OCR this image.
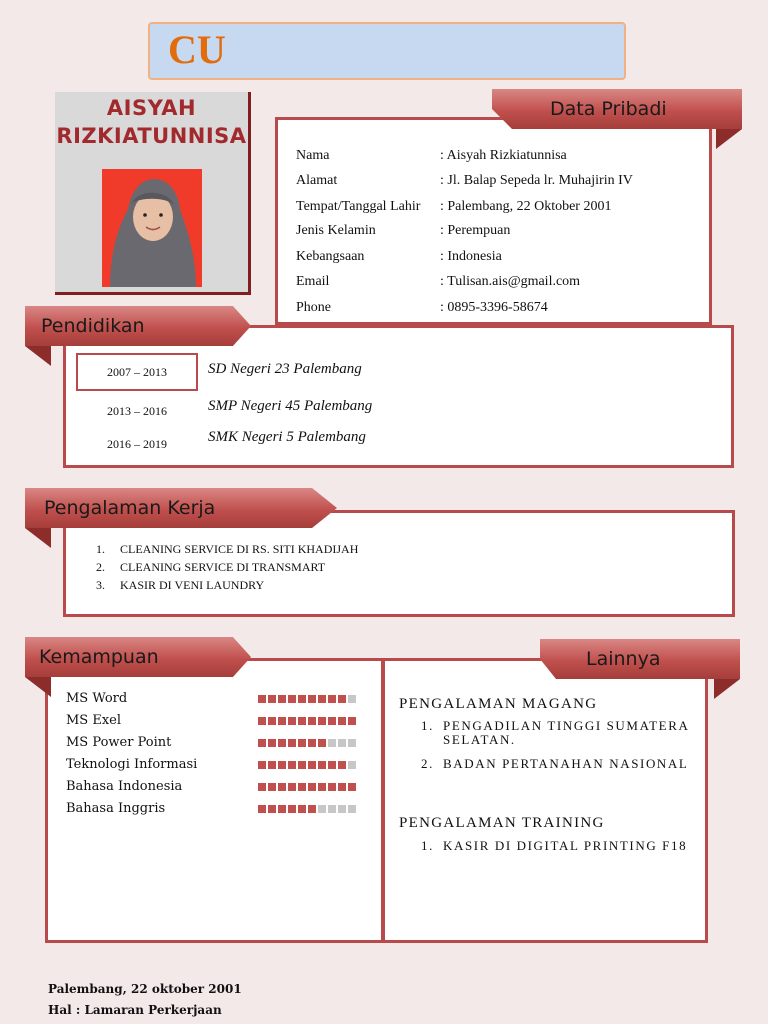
CU
AISYAH
RIZKIATUNNISA
Nama	: Aisyah Rizkiatunnisa
Alamat	: Jl. Balap Sepeda lr. Muhajirin IV
Tempat/Tanggal Lahir : Palembang, 22 Oktober 2001
Jenis Kelamin	: Perempuan
Kebangsaan	: Indonesia
Email	: Tulisan.ais@gmail.com
Phone	: 0895-3396-58674
Data Pribadi
2007 – 2013	SD Negeri 23 Palembang
2013 – 2016	SMP Negeri 45 Palembang
2016 – 2019	SMK Negeri 5 Palembang
Pendidikan
1. CLEANING SERVICE DI RS. SITI KHADIJAH
2. CLEANING SERVICE DI TRANSMART
3. KASIR DI VENI LAUNDRY
Pengalaman Kerja
MS Word
MS Exel
MS Power Point
Teknologi Informasi
Bahasa Indonesia
Bahasa Inggris
Kemampuan
PENGALAMAN MAGANG
1. PENGADILAN TINGGI SUMATERA SELATAN.
2. BADAN PERTANAHAN NASIONAL
PENGALAMAN TRAINING
1. KASIR DI DIGITAL PRINTING F18
Lainnya
Palembang, 22 oktober 2001
Hal : Lamaran Perkerjaan
